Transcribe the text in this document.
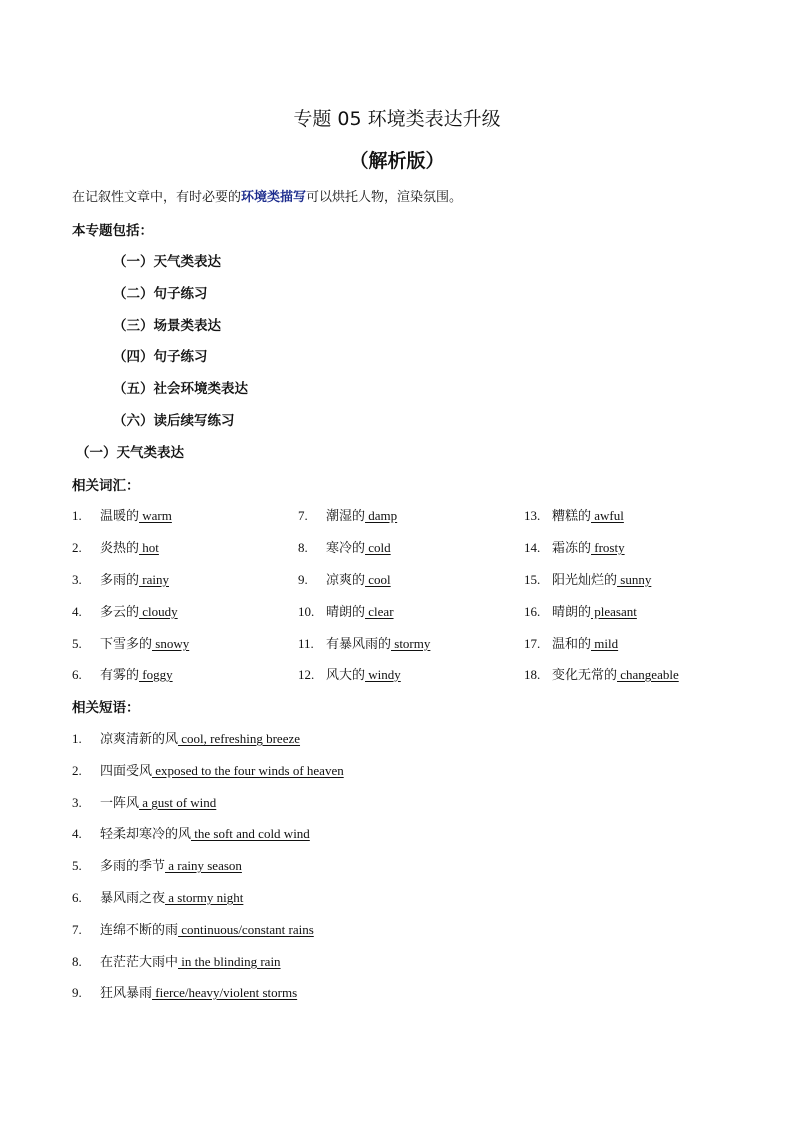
专题 05 环境类表达升级
（解析版）
在记叙性文章中，有时必要的环境类描写可以烘托人物，渲染氛围。
本专题包括：
（一）天气类表达
（二）句子练习
（三）场景类表达
（四）句子练习
（五）社会环境类表达
（六）读后续写练习
（一）天气类表达
相关词汇：
1. 温暖的 warm
2. 炎热的 hot
3. 多雨的 rainy
4. 多云的 cloudy
5. 下雪多的 snowy
6. 有雾的 foggy
7. 潮湿的 damp
8. 寒冷的 cold
9. 凉爽的 cool
10. 晴朗的 clear
11. 有暴风雨的 stormy
12. 风大的 windy
13. 糟糕的 awful
14. 霜冻的 frosty
15. 阳光灿烂的 sunny
16. 晴朗的 pleasant
17. 温和的 mild
18. 变化无常的 changeable
相关短语：
1. 凉爽清新的风 cool, refreshing breeze
2. 四面受风 exposed to the four winds of heaven
3. 一阵风 a gust of wind
4. 轻柔却寒冷的风 the soft and cold wind
5. 多雨的季节 a rainy season
6. 暴风雨之夜 a stormy night
7. 连绵不断的雨 continuous/constant rains
8. 在茫茫大雨中 in the blinding rain
9. 狂风暴雨 fierce/heavy/violent storms
